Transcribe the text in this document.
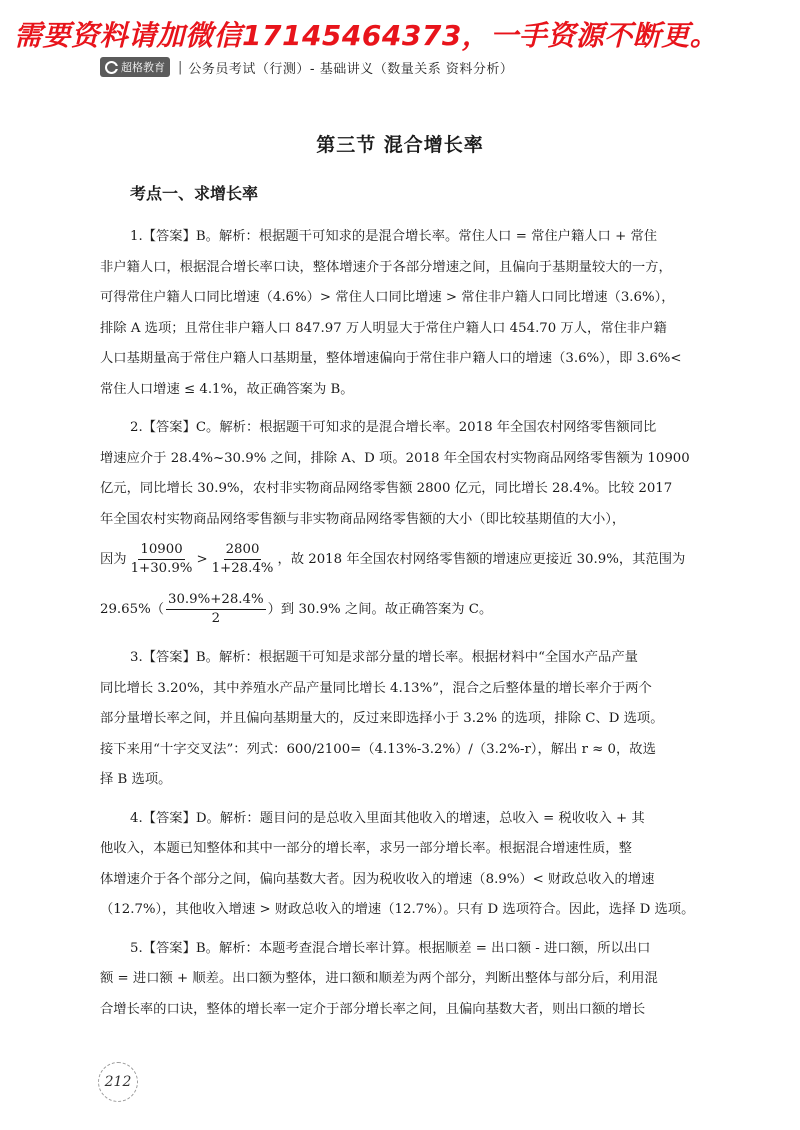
需要资料请加微信17145464373，一手资源不断更。
超格教育 | 公务员考试（行测）- 基础讲义（数量关系 资料分析）
第三节 混合增长率
考点一、求增长率
1.【答案】B。解析：根据题干可知求的是混合增长率。常住人口 = 常住户籍人口 + 常住
非户籍人口，根据混合增长率口诀，整体增速介于各部分增速之间，且偏向于基期量较大的一方，
可得常住户籍人口同比增速（4.6%）> 常住人口同比增速 > 常住非户籍人口同比增速（3.6%），
排除 A 选项；且常住非户籍人口 847.97 万人明显大于常住户籍人口 454.70 万人，常住非户籍
人口基期量高于常住户籍人口基期量，整体增速偏向于常住非户籍人口的增速（3.6%），即 3.6%<
常住人口增速 ≤ 4.1%，故正确答案为 B。
2.【答案】C。解析：根据题干可知求的是混合增长率。2018 年全国农村网络零售额同比
增速应介于 28.4%~30.9% 之间，排除 A、D 项。2018 年全国农村实物商品网络零售额为 10900
亿元，同比增长 30.9%，农村非实物商品网络零售额 2800 亿元，同比增长 28.4%。比较 2017
年全国农村实物商品网络零售额与非实物商品网络零售额的大小（即比较基期值的大小），
因为 $\frac{10900}{1+30.9\%} > \frac{2800}{1+28.4\%}$ ，故 2018 年全国农村网络零售额的增速应更接近 30.9%，其范围为
$29.65\%( \frac{30.9\%+28.4\%}{2}$ ）到 30.9% 之间。故正确答案为 C。
3.【答案】B。解析：根据题干可知是求部分量的增长率。根据材料中“全国水产品产量
同比增长 3.20%，其中养殖水产品产量同比增长 4.13%”，混合之后整体量的增长率介于两个
部分量增长率之间，并且偏向基期量大的，反过来即选择小于 3.2% 的选项，排除 C、D 选项。
接下来用“十字交叉法”：列式：600/2100=（4.13%-3.2%）/（3.2%-r），解出 r ≈ 0，故选
择 B 选项。
4.【答案】D。解析：题目问的是总收入里面其他收入的增速，总收入 = 税收收入 + 其
他收入，本题已知整体和其中一部分的增长率，求另一部分增长率。根据混合增速性质，整
体增速介于各个部分之间，偏向基数大者。因为税收收入的增速（8.9%）< 财政总收入的增速
（12.7%），其他收入增速 > 财政总收入的增速（12.7%）。只有 D 选项符合。因此，选择 D 选项。
5.【答案】B。解析：本题考查混合增长率计算。根据顺差 = 出口额 - 进口额，所以出口
额 = 进口额 + 顺差。出口额为整体，进口额和顺差为两个部分，判断出整体与部分后，利用混
合增长率的口诀，整体的增长率一定介于部分增长率之间，且偏向基数大者，则出口额的增长
212
